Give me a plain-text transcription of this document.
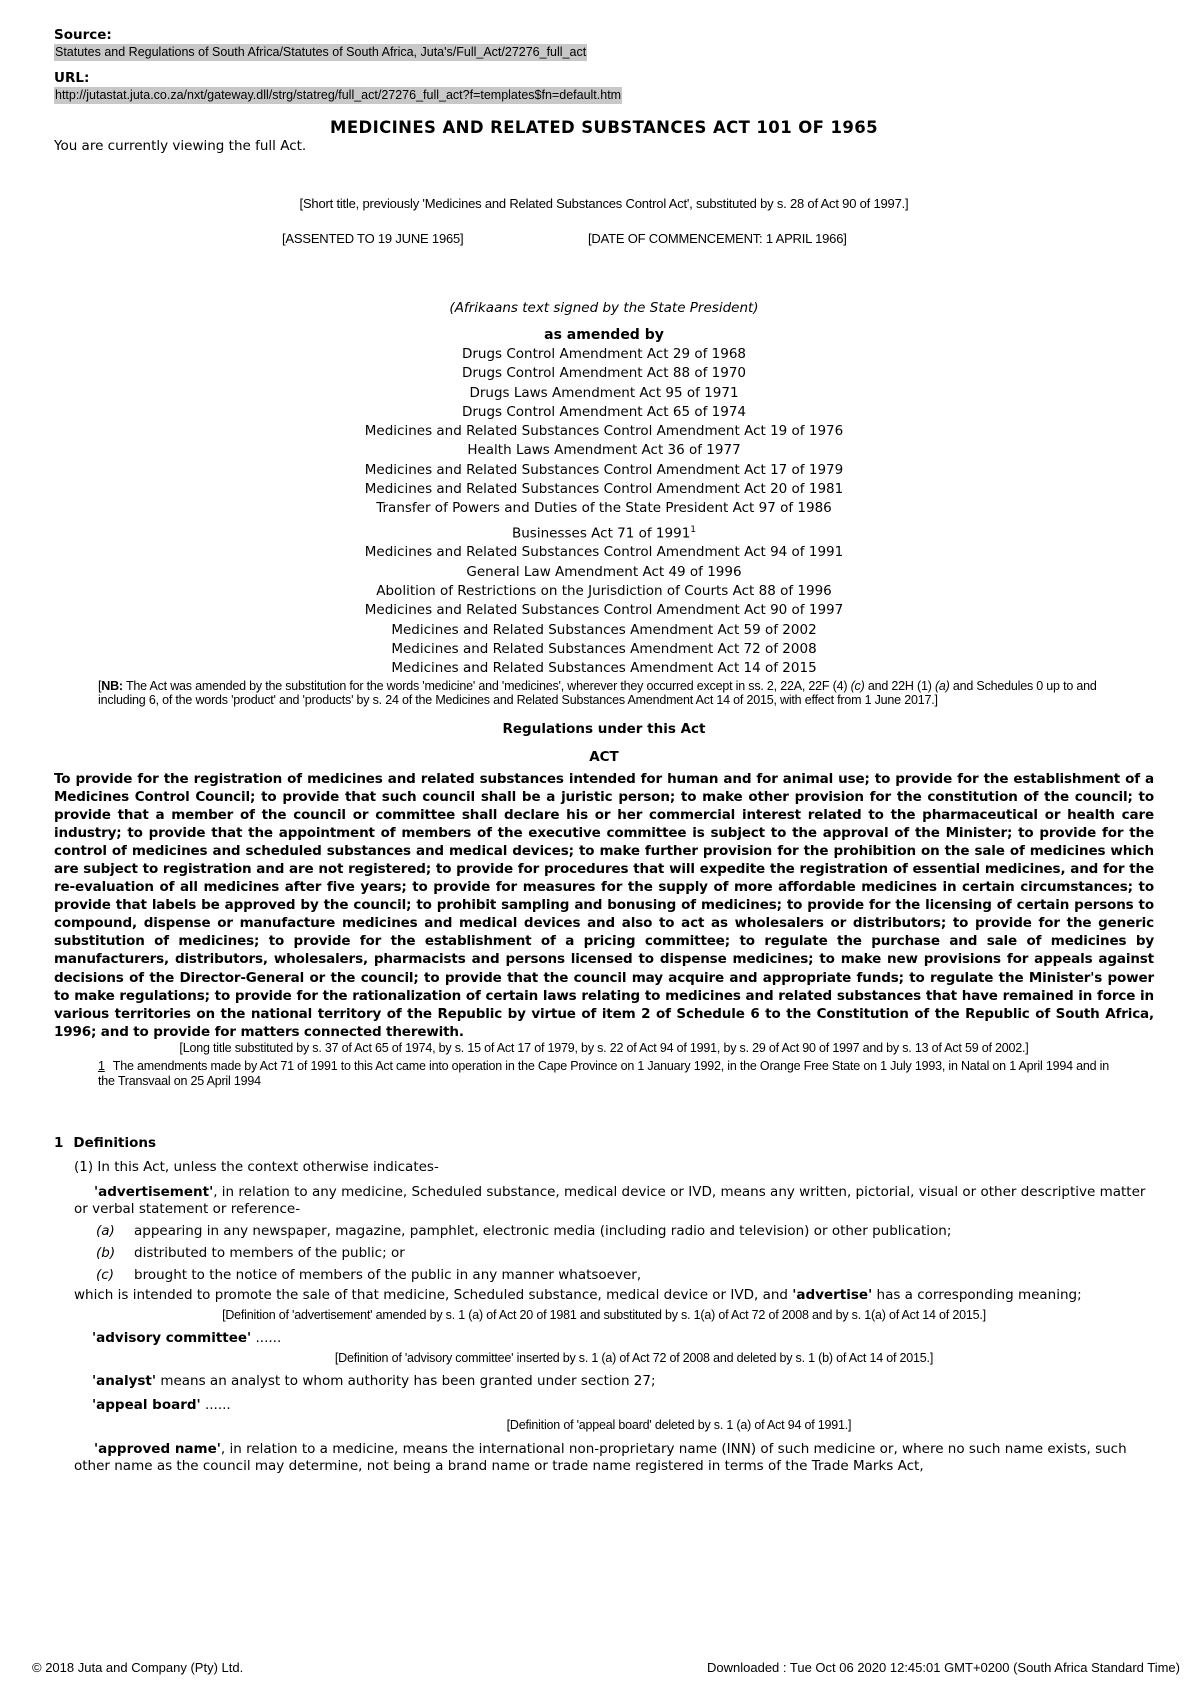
Source:
Statutes and Regulations of South Africa/Statutes of South Africa, Juta's/Full_Act/27276_full_act
URL:
http://jutastat.juta.co.za/nxt/gateway.dll/strg/statreg/full_act/27276_full_act?f=templates$fn=default.htm
MEDICINES AND RELATED SUBSTANCES ACT 101 OF 1965
You are currently viewing the full Act.
[Short title, previously 'Medicines and Related Substances Control Act', substituted by s. 28 of Act 90 of 1997.]
[ASSENTED TO 19 JUNE 1965]	[DATE OF COMMENCEMENT: 1 APRIL 1966]
(Afrikaans text signed by the State President)
as amended by
Drugs Control Amendment Act 29 of 1968
Drugs Control Amendment Act 88 of 1970
Drugs Laws Amendment Act 95 of 1971
Drugs Control Amendment Act 65 of 1974
Medicines and Related Substances Control Amendment Act 19 of 1976
Health Laws Amendment Act 36 of 1977
Medicines and Related Substances Control Amendment Act 17 of 1979
Medicines and Related Substances Control Amendment Act 20 of 1981
Transfer of Powers and Duties of the State President Act 97 of 1986
Businesses Act 71 of 1991$^1$
Medicines and Related Substances Control Amendment Act 94 of 1991
General Law Amendment Act 49 of 1996
Abolition of Restrictions on the Jurisdiction of Courts Act 88 of 1996
Medicines and Related Substances Control Amendment Act 90 of 1997
Medicines and Related Substances Amendment Act 59 of 2002
Medicines and Related Substances Amendment Act 72 of 2008
Medicines and Related Substances Amendment Act 14 of 2015
[NB: The Act was amended by the substitution for the words 'medicine' and 'medicines', wherever they occurred except in ss. 2, 22A, 22F (4) (c) and 22H (1) (a) and Schedules 0 up to and including 6, of the words 'product' and 'products' by s. 24 of the Medicines and Related Substances Amendment Act 14 of 2015, with effect from 1 June 2017.]
Regulations under this Act
ACT
To provide for the registration of medicines and related substances intended for human and for animal use; to provide for the establishment of a Medicines Control Council; to provide that such council shall be a juristic person; to make other provision for the constitution of the council; to provide that a member of the council or committee shall declare his or her commercial interest related to the pharmaceutical or health care industry; to provide that the appointment of members of the executive committee is subject to the approval of the Minister; to provide for the control of medicines and scheduled substances and medical devices; to make further provision for the prohibition on the sale of medicines which are subject to registration and are not registered; to provide for procedures that will expedite the registration of essential medicines, and for the re-evaluation of all medicines after five years; to provide for measures for the supply of more affordable medicines in certain circumstances; to provide that labels be approved by the council; to prohibit sampling and bonusing of medicines; to provide for the licensing of certain persons to compound, dispense or manufacture medicines and medical devices and also to act as wholesalers or distributors; to provide for the generic substitution of medicines; to provide for the establishment of a pricing committee; to regulate the purchase and sale of medicines by manufacturers, distributors, wholesalers, pharmacists and persons licensed to dispense medicines; to make new provisions for appeals against decisions of the Director-General or the council; to provide that the council may acquire and appropriate funds; to regulate the Minister's power to make regulations; to provide for the rationalization of certain laws relating to medicines and related substances that have remained in force in various territories on the national territory of the Republic by virtue of item 2 of Schedule 6 to the Constitution of the Republic of South Africa, 1996; and to provide for matters connected therewith.
[Long title substituted by s. 37 of Act 65 of 1974, by s. 15 of Act 17 of 1979, by s. 22 of Act 94 of 1991, by s. 29 of Act 90 of 1997 and by s. 13 of Act 59 of 2002.]
1 The amendments made by Act 71 of 1991 to this Act came into operation in the Cape Province on 1 January 1992, in the Orange Free State on 1 July 1993, in Natal on 1 April 1994 and in the Transvaal on 25 April 1994
1 Definitions
(1) In this Act, unless the context otherwise indicates-
'advertisement', in relation to any medicine, Scheduled substance, medical device or IVD, means any written, pictorial, visual or other descriptive matter or verbal statement or reference-
(a) appearing in any newspaper, magazine, pamphlet, electronic media (including radio and television) or other publication;
(b) distributed to members of the public; or
(c) brought to the notice of members of the public in any manner whatsoever,
which is intended to promote the sale of that medicine, Scheduled substance, medical device or IVD, and 'advertise' has a corresponding meaning;
[Definition of 'advertisement' amended by s. 1 (a) of Act 20 of 1981 and substituted by s. 1(a) of Act 72 of 2008 and by s. 1(a) of Act 14 of 2015.]
'advisory committee' ......
[Definition of 'advisory committee' inserted by s. 1 (a) of Act 72 of 2008 and deleted by s. 1 (b) of Act 14 of 2015.]
'analyst' means an analyst to whom authority has been granted under section 27;
'appeal board' ......
[Definition of 'appeal board' deleted by s. 1 (a) of Act 94 of 1991.]
'approved name', in relation to a medicine, means the international non-proprietary name (INN) of such medicine or, where no such name exists, such other name as the council may determine, not being a brand name or trade name registered in terms of the Trade Marks Act,
© 2018 Juta and Company (Pty) Ltd.	Downloaded : Tue Oct 06 2020 12:45:01 GMT+0200 (South Africa Standard Time)
